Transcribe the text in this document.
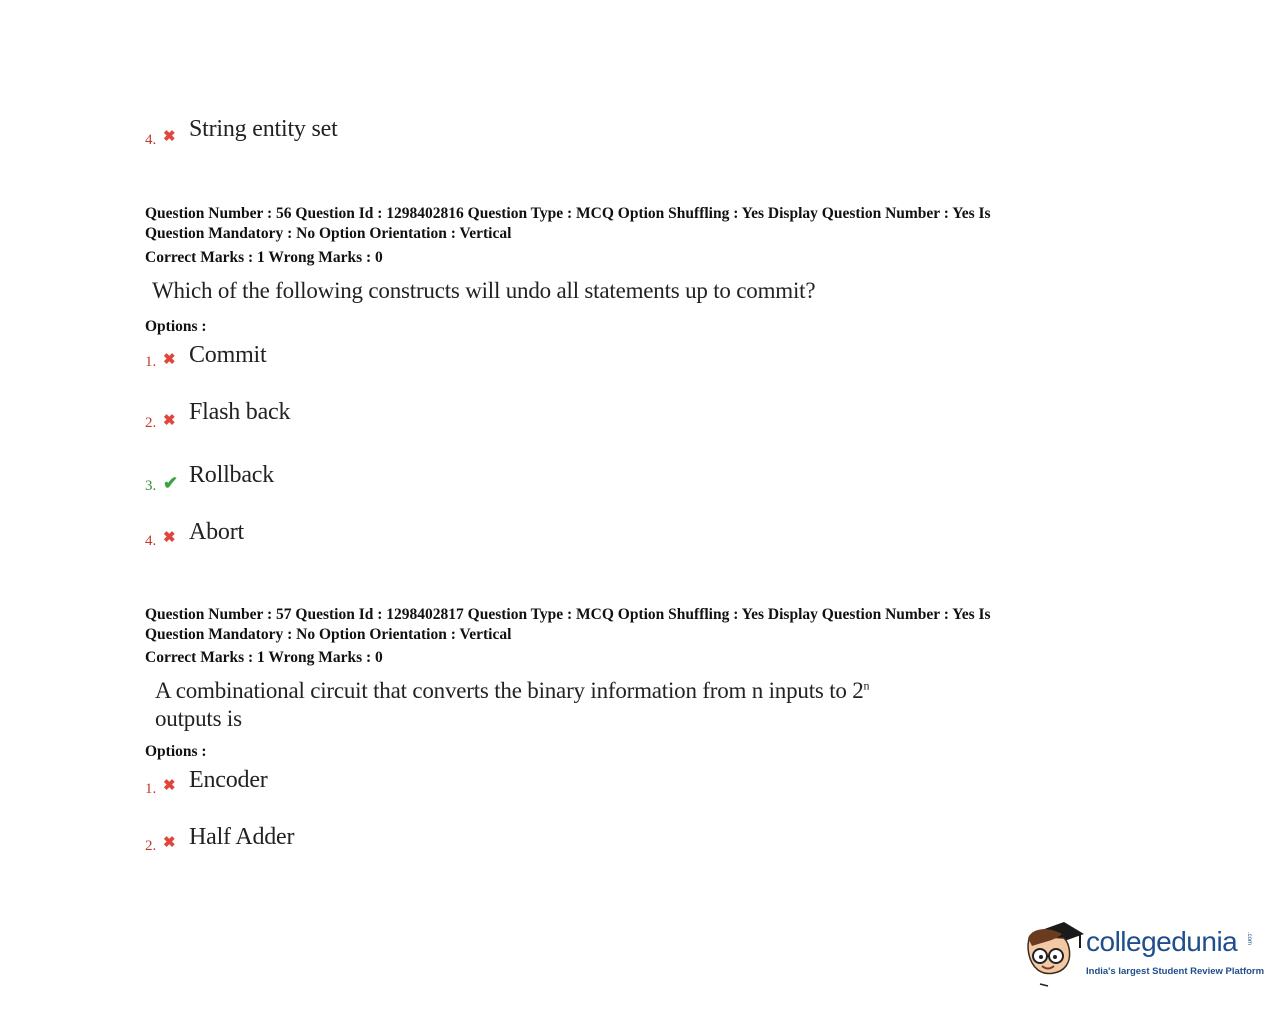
4. ✖ String entity set
Question Number : 56 Question Id : 1298402816 Question Type : MCQ Option Shuffling : Yes Display Question Number : Yes Is
Question Mandatory : No Option Orientation : Vertical
Correct Marks : 1 Wrong Marks : 0
Which of the following constructs will undo all statements up to commit?
Options :
1. ✖ Commit
2. ✖ Flash back
3. ✔ Rollback
4. ✖ Abort
Question Number : 57 Question Id : 1298402817 Question Type : MCQ Option Shuffling : Yes Display Question Number : Yes Is
Question Mandatory : No Option Orientation : Vertical
Correct Marks : 1 Wrong Marks : 0
A combinational circuit that converts the binary information from n inputs to 2$^n$
outputs is
Options :
1. ✖ Encoder
2. ✖ Half Adder
collegedunia .com
India's largest Student Review Platform
